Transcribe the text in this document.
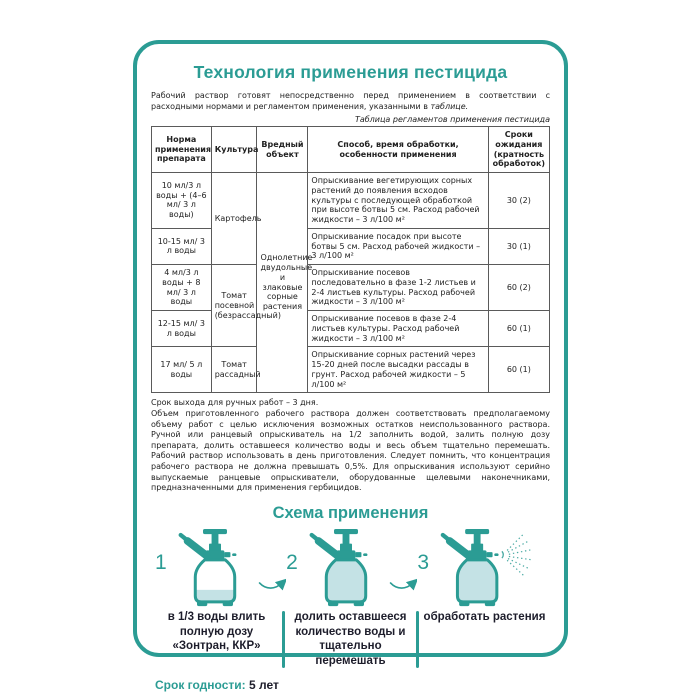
Технология применения пестицида

Рабочий раствор готовят непосредственно перед применением в соответствии с расходными нормами и регламентом применения, указанными в таблице.

Таблица регламентов применения пестицида
Норма применения препарата	Культура	Вредный объект	Способ, время обработки, особенности применения	Сроки ожидания (кратность обработок)
10 мл/3 л воды + (4–6 мл/ 3 л воды)	Картофель	Однолетние двудольные и злаковые сорные растения	Опрыскивание вегетирующих сорных растений до появления всходов культуры с последующей обработкой при высоте ботвы 5 см. Расход рабочей жидкости – 3 л/100 м²	30 (2)
10-15 мл/ 3 л воды			Опрыскивание посадок при высоте ботвы 5 см. Расход рабочей жидкости – 3 л/100 м²	30 (1)
4 мл/3 л воды + 8 мл/ 3 л воды	Томат посевной (безрассадный)		Опрыскивание посевов последовательно в фазе 1-2 листьев и 2-4 листьев культуры. Расход рабочей жидкости – 3 л/100 м²	60 (2)
12-15 мл/ 3 л воды			Опрыскивание посевов в фазе 2-4 листьев культуры. Расход рабочей жидкости – 3 л/100 м²	60 (1)
17 мл/ 5 л воды	Томат рассадный		Опрыскивание сорных растений через 15-20 дней после высадки рассады в грунт. Расход рабочей жидкости – 5 л/100 м²	60 (1)
Срок выхода для ручных работ – 3 дня.
Объем приготовленного рабочего раствора должен соответствовать предполагаемому объему работ с целью исключения возможных остатков неиспользованного раствора. Ручной или ранцевый опрыскиватель на 1/2 заполнить водой, залить полную дозу препарата, долить оставшееся количество воды и весь объем тщательно перемешать. Рабочий раствор использовать в день приготовления. Следует помнить, что концентрация рабочего раствора не должна превышать 0,5%. Для опрыскивания используют серийно выпускаемые ранцевые опрыскиватели, оборудованные щелевыми наконечниками, предназначенными для применения гербицидов.
Схема применения
1	2	3
в 1/3 воды влить полную дозу «Зонтран, ККР»
долить оставшееся количество воды и тщательно перемешать
обработать растения
Срок годности: 5 лет
